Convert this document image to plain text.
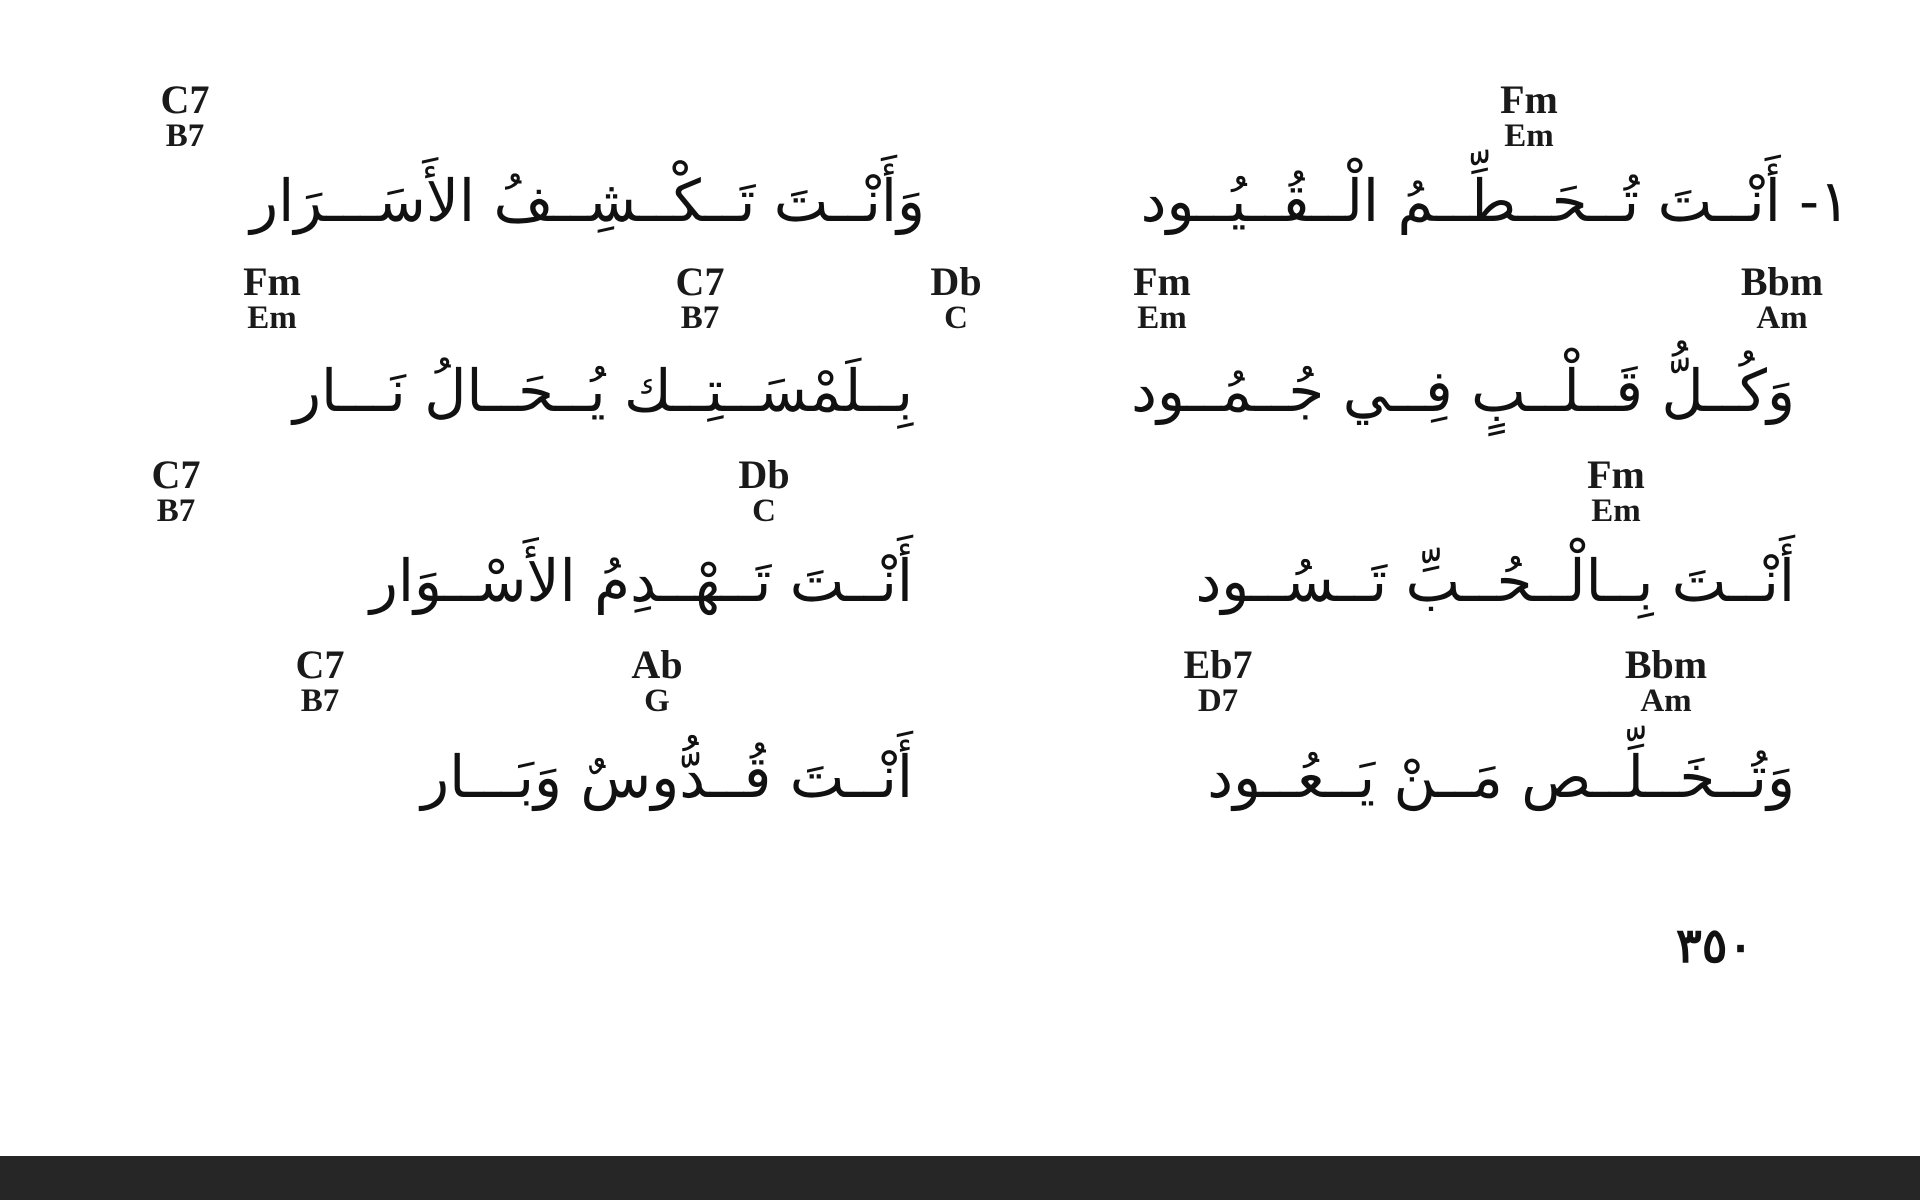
C7
B7
Fm
Em
وَأَنْــتَ تَــكْــشِــفُ الأَسَـــرَار	١- أَنْــتَ تُــحَــطِّــمُ الْــقُــيُــود
Fm
Em
C7
B7
Db
C
Fm
Em
Bbm
Am
بِــلَمْسَــتِــك يُــحَــالُ نَـــار	وَكُــلُّ قَــلْــبٍ فِــي جُــمُــود
C7
B7
Db
C
Fm
Em
أَنْــتَ تَــهْــدِمُ الأَسْــوَار	أَنْــتَ بِــالْــحُــبِّ تَــسُــود
C7
B7
Ab
G
Eb7
D7
Bbm
Am
أَنْــتَ قُــدُّوسٌ وَبَـــار	وَتُــخَــلِّــص مَــنْ يَــعُــود
٣٥٠
